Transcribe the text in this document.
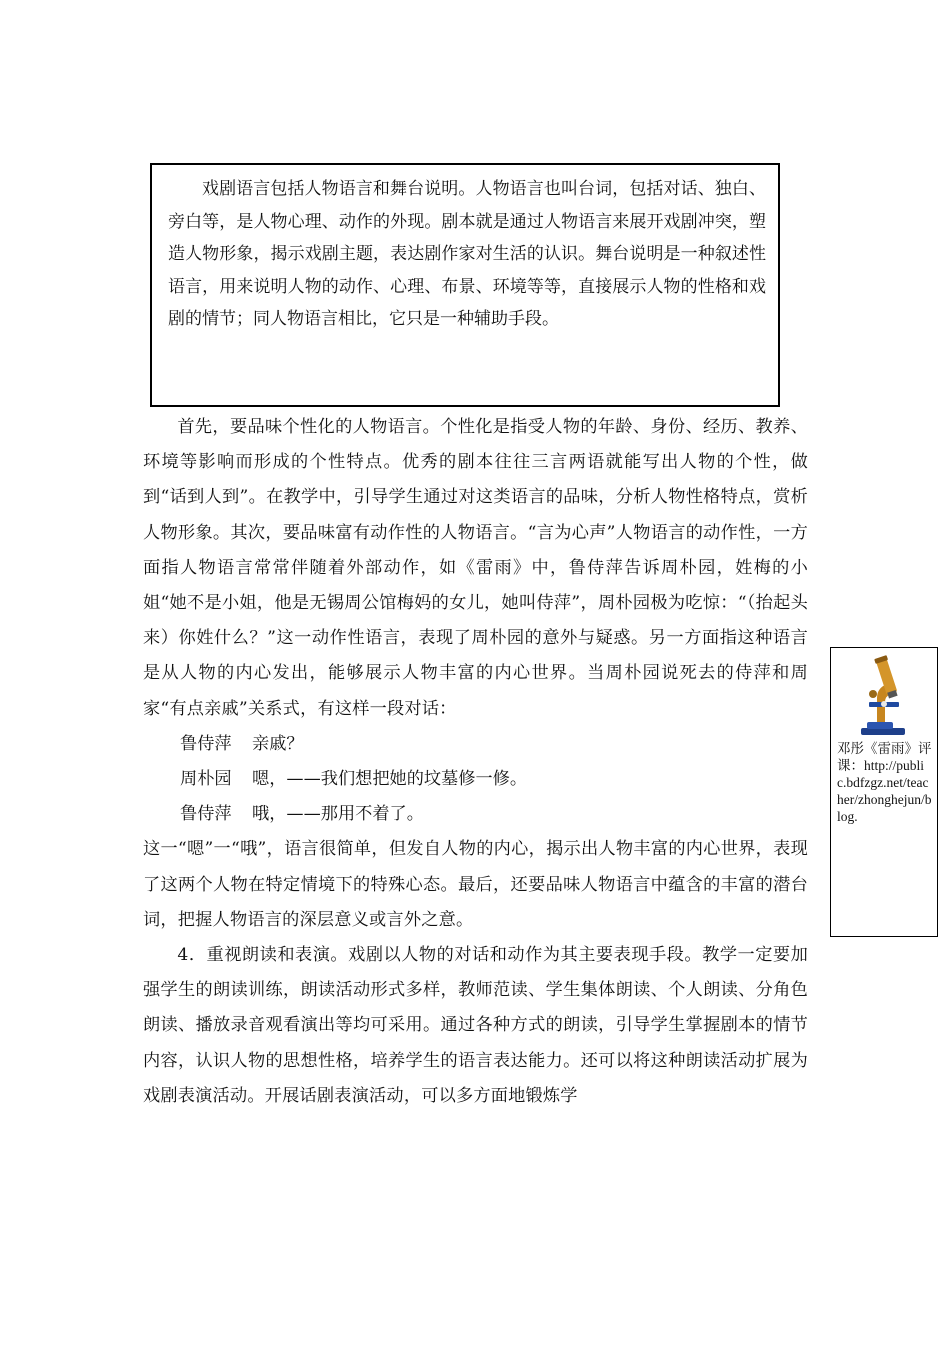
戏剧语言包括人物语言和舞台说明。人物语言也叫台词，包括对话、独白、旁白等，是人物心理、动作的外现。剧本就是通过人物语言来展开戏剧冲突，塑造人物形象，揭示戏剧主题，表达剧作家对生活的认识。舞台说明是一种叙述性语言，用来说明人物的动作、心理、布景、环境等等，直接展示人物的性格和戏剧的情节；同人物语言相比，它只是一种辅助手段。

首先，要品味个性化的人物语言。个性化是指受人物的年龄、身份、经历、教养、环境等影响而形成的个性特点。优秀的剧本往往三言两语就能写出人物的个性，做到“话到人到”。在教学中，引导学生通过对这类语言的品味，分析人物性格特点，赏析人物形象。其次，要品味富有动作性的人物语言。“言为心声”人物语言的动作性，一方面指人物语言常常伴随着外部动作，如《雷雨》中，鲁侍萍告诉周朴园，姓梅的小姐“她不是小姐，他是无锡周公馆梅妈的女儿，她叫侍萍”，周朴园极为吃惊：“（抬起头来）你姓什么？”这一动作性语言，表现了周朴园的意外与疑惑。另一方面指这种语言是从人物的内心发出，能够展示人物丰富的内心世界。当周朴园说死去的侍萍和周家“有点亲戚”关系式，有这样一段对话：

鲁侍萍 亲戚？

周朴园 嗯，——我们想把她的坟墓修一修。

鲁侍萍 哦，——那用不着了。

这一“嗯”一“哦”，语言很简单，但发自人物的内心，揭示出人物丰富的内心世界，表现了这两个人物在特定情境下的特殊心态。最后，还要品味人物语言中蕴含的丰富的潜台词，把握人物语言的深层意义或言外之意。

4．重视朗读和表演。戏剧以人物的对话和动作为其主要表现手段。教学一定要加强学生的朗读训练，朗读活动形式多样，教师范读、学生集体朗读、个人朗读、分角色朗读、播放录音观看演出等均可采用。通过各种方式的朗读，引导学生掌握剧本的情节内容，认识人物的思想性格，培养学生的语言表达能力。还可以将这种朗读活动扩展为戏剧表演活动。开展话剧表演活动，可以多方面地锻炼学

邓彤《雷雨》评课：http://public.bdfzgz.net/teacher/zhonghejun/blog.
